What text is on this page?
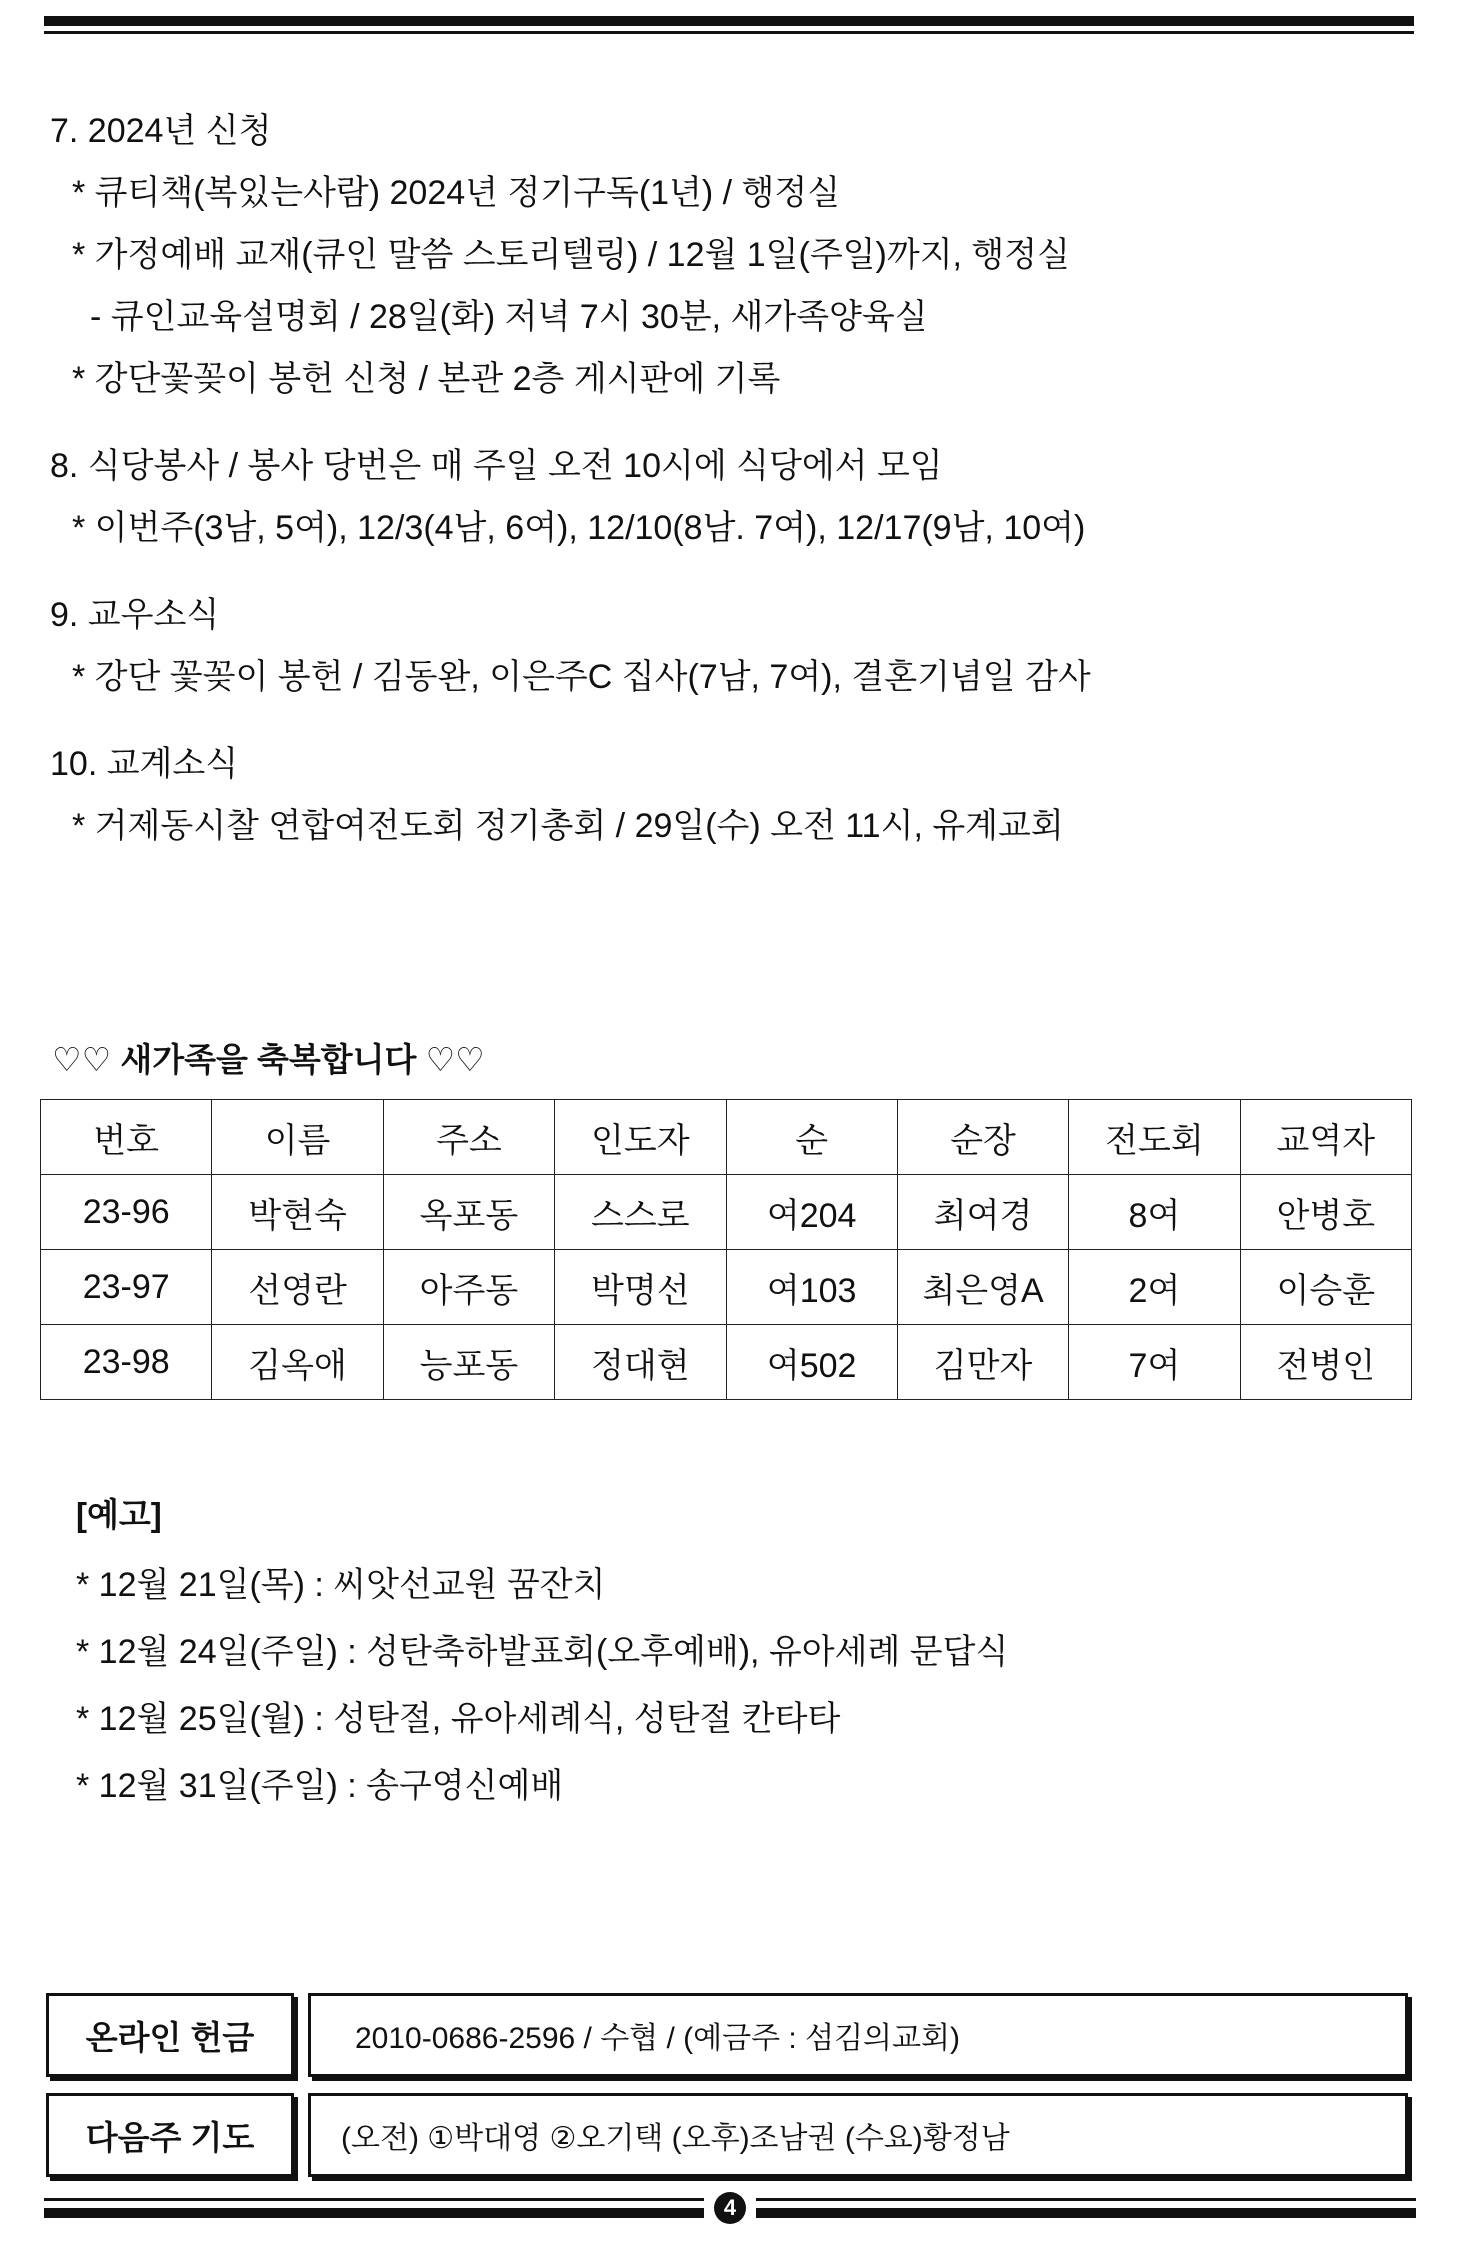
7. 2024년 신청
* 큐티책(복있는사람) 2024년 정기구독(1년) / 행정실
* 가정예배 교재(큐인 말씀 스토리텔링) / 12월 1일(주일)까지, 행정실
- 큐인교육설명회 / 28일(화) 저녁 7시 30분, 새가족양육실
* 강단꽃꽂이 봉헌 신청 / 본관 2층 게시판에 기록
8. 식당봉사 / 봉사 당번은 매 주일 오전 10시에 식당에서 모임
* 이번주(3남, 5여), 12/3(4남, 6여), 12/10(8남. 7여), 12/17(9남, 10여)
9. 교우소식
* 강단 꽃꽂이 봉헌 / 김동완, 이은주C 집사(7남, 7여), 결혼기념일 감사
10. 교계소식
* 거제동시찰 연합여전도회 정기총회 / 29일(수) 오전 11시, 유계교회
♡♡ 새가족을 축복합니다 ♡♡
번호	이름	주소	인도자	순	순장	전도회	교역자
23-96	박현숙	옥포동	스스로	여204	최여경	8여	안병호
23-97	선영란	아주동	박명선	여103	최은영A	2여	이승훈
23-98	김옥애	능포동	정대현	여502	김만자	7여	전병인
[예고]
* 12월 21일(목) : 씨앗선교원 꿈잔치
* 12월 24일(주일) : 성탄축하발표회(오후예배), 유아세례 문답식
* 12월 25일(월) : 성탄절, 유아세례식, 성탄절 칸타타
* 12월 31일(주일) : 송구영신예배
온라인 헌금	2010-0686-2596 / 수협 / (예금주 : 섬김의교회)
다음주 기도	(오전) ①박대영 ②오기택 (오후)조남권 (수요)황정남
4
